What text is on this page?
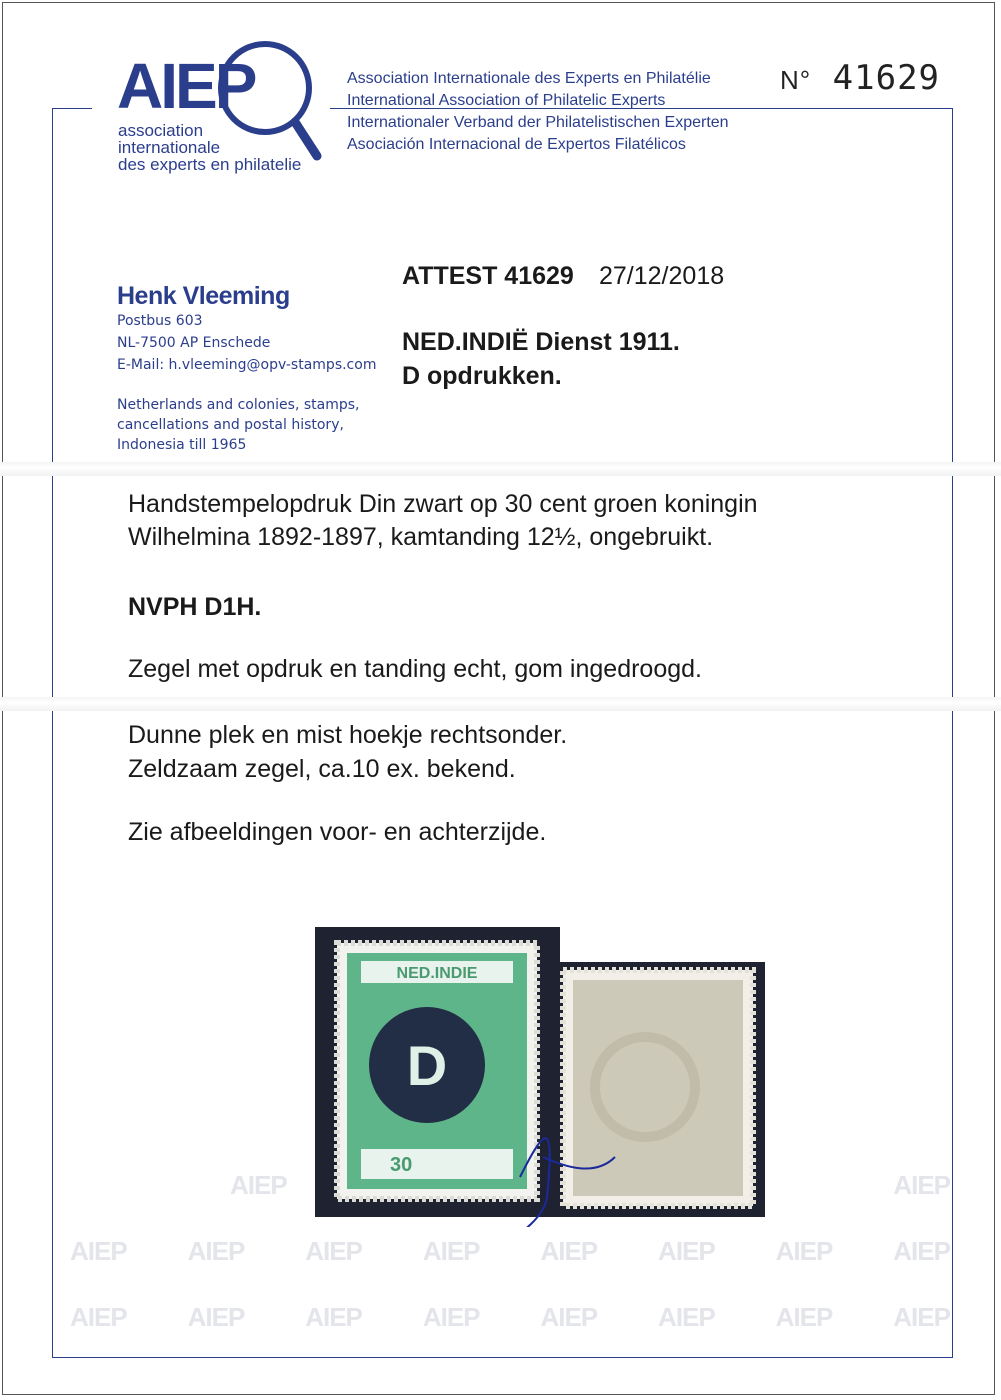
AIEP
association
internationale
des experts en philatelie
Association Internationale des Experts en Philatélie
International Association of Philatelic Experts
Internationaler Verband der Philatelistischen Experten
Asociación Internacional de Expertos Filatélicos
N° 41629
Henk Vleeming
Postbus 603
NL-7500 AP Enschede
E-Mail: h.vleeming@opv-stamps.com
Netherlands and colonies, stamps,
cancellations and postal history,
Indonesia till 1965
ATTEST 41629 27/12/2018
NED.INDIË Dienst 1911.
D opdrukken.
Handstempelopdruk Din zwart op 30 cent groen koningin
Wilhelmina 1892-1897, kamtanding 12½, ongebruikt.
NVPH D1H.
Zegel met opdruk en tanding echt, gom ingedroogd.
Dunne plek en mist hoekje rechtsonder.
Zeldzaam zegel, ca.10 ex. bekend.
Zie afbeeldingen voor- en achterzijde.
AIEP	AIEP
AIEP AIEP AIEP AIEP AIEP AIEP AIEP AIEP
AIEP AIEP AIEP AIEP AIEP AIEP AIEP AIEP
NED.INDIE
30
D
